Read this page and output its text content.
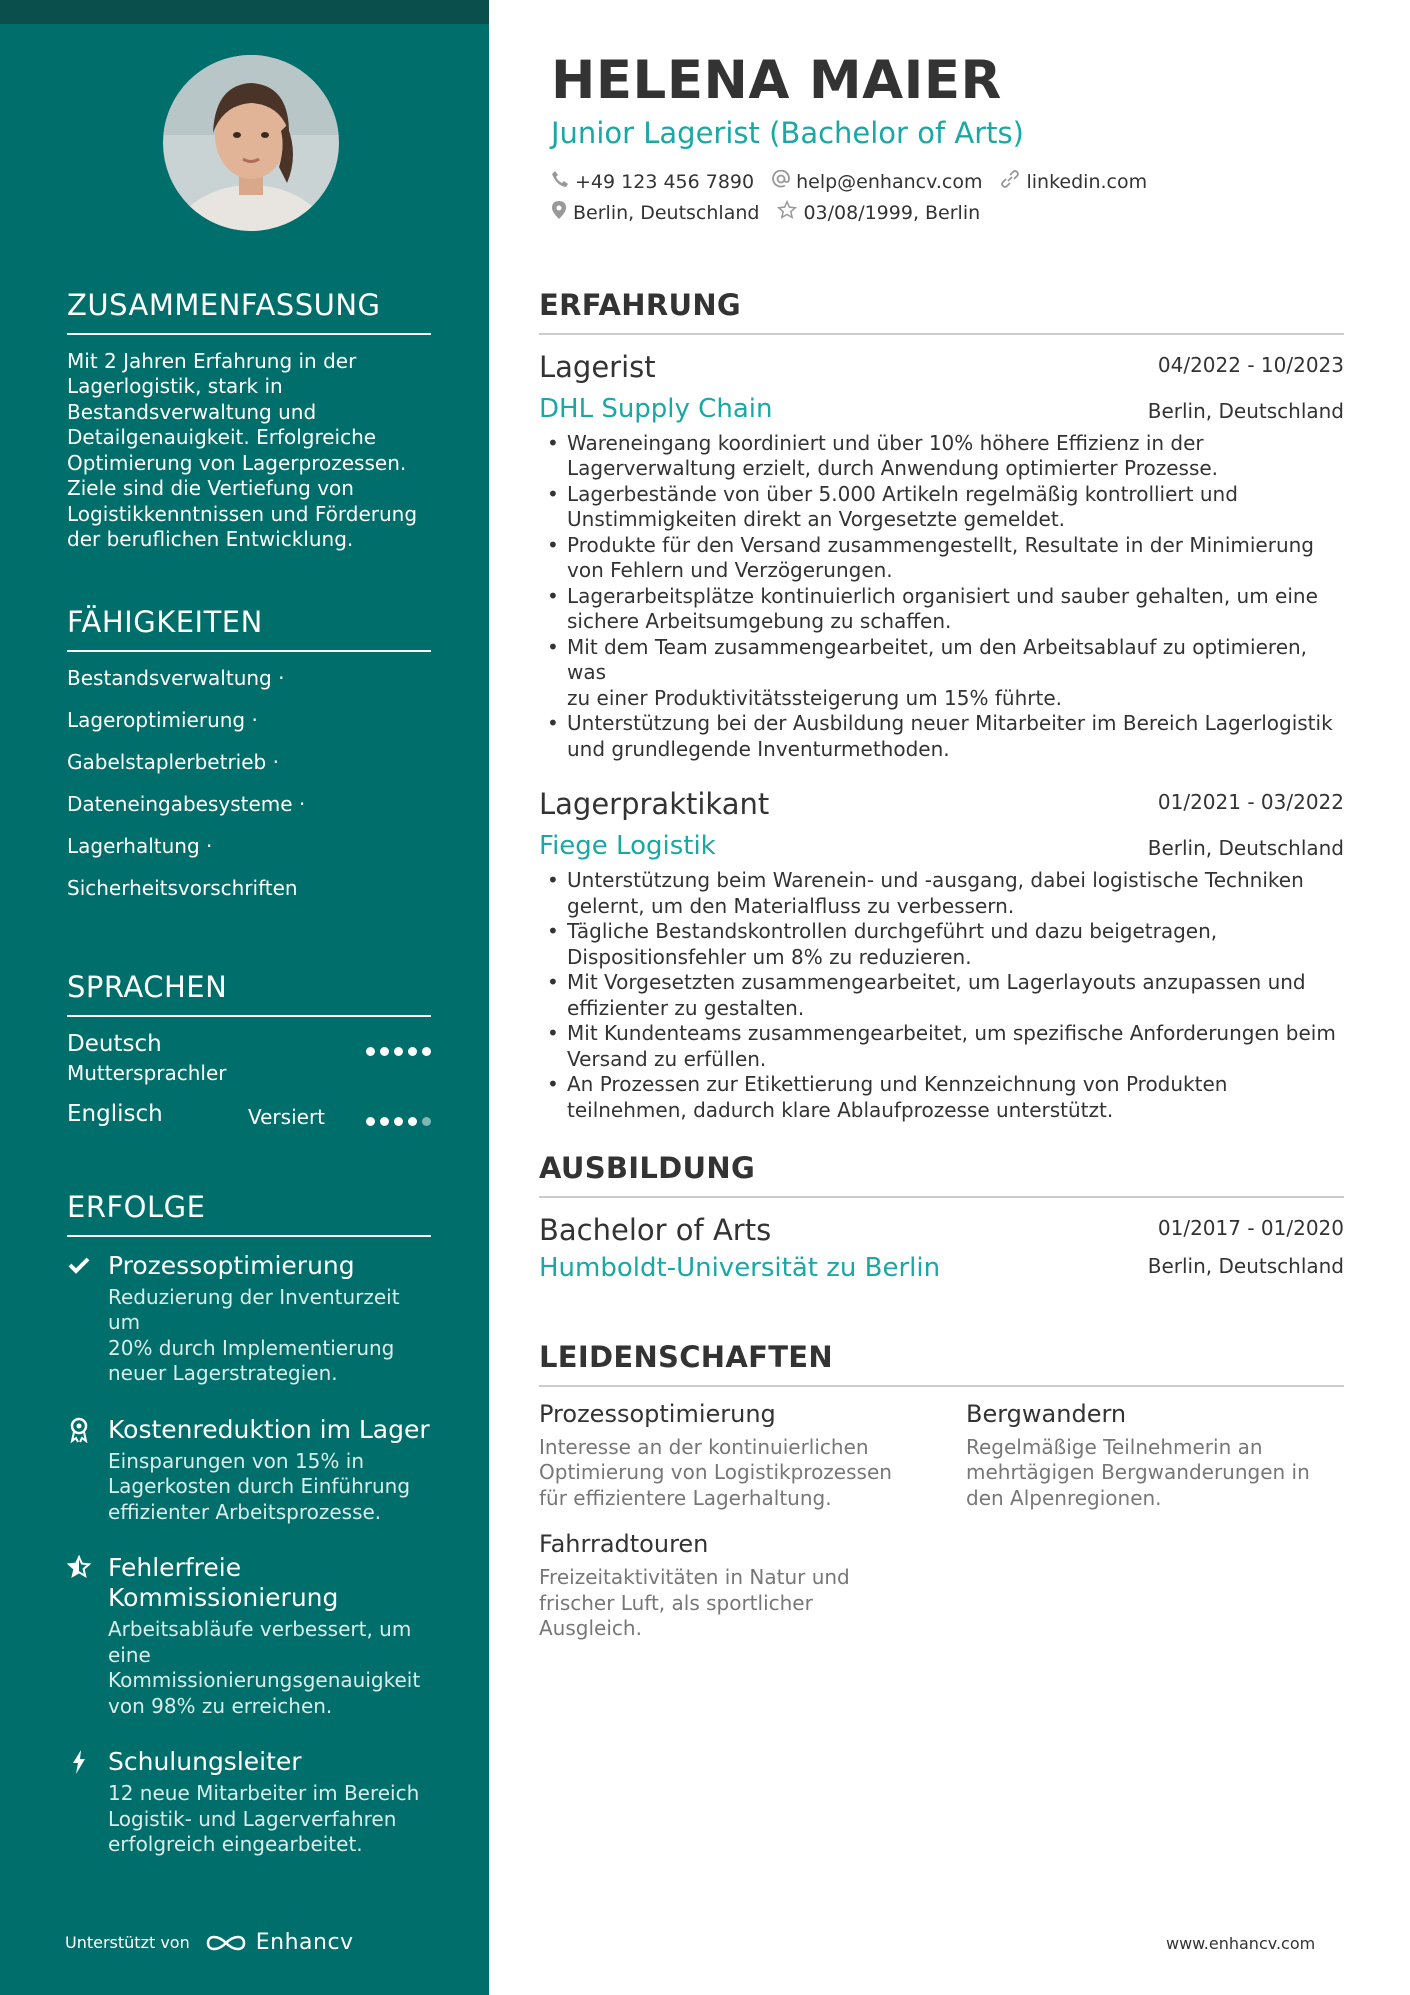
ZUSAMMENFASSUNG
Mit 2 Jahren Erfahrung in der
Lagerlogistik, stark in
Bestandsverwaltung und
Detailgenauigkeit. Erfolgreiche
Optimierung von Lagerprozessen.
Ziele sind die Vertiefung von
Logistikkenntnissen und Förderung
der beruflichen Entwicklung.
FÄHIGKEITEN
Bestandsverwaltung ·
Lageroptimierung ·
Gabelstaplerbetrieb ·
Dateneingabesysteme ·
Lagerhaltung ·
Sicherheitsvorschriften
SPRACHEN
Deutsch
Muttersprachler
Englisch	Versiert
ERFOLGE
Prozessoptimierung
Reduzierung der Inventurzeit um
20% durch Implementierung
neuer Lagerstrategien.
Kostenreduktion im Lager
Einsparungen von 15% in
Lagerkosten durch Einführung
effizienter Arbeitsprozesse.
Fehlerfreie
Kommissionierung
Arbeitsabläufe verbessert, um
eine
Kommissionierungsgenauigkeit
von 98% zu erreichen.
Schulungsleiter
12 neue Mitarbeiter im Bereich
Logistik- und Lagerverfahren
erfolgreich eingearbeitet.
Unterstützt von	Enhancv
HELENA MAIER
Junior Lagerist (Bachelor of Arts)
+49 123 456 7890 help@enhancv.com linkedin.com
Berlin, Deutschland 03/08/1999, Berlin
ERFAHRUNG
Lagerist	04/2022 - 10/2023
DHL Supply Chain	Berlin, Deutschland
• Wareneingang koordiniert und über 10% höhere Effizienz in der
Lagerverwaltung erzielt, durch Anwendung optimierter Prozesse.
• Lagerbestände von über 5.000 Artikeln regelmäßig kontrolliert und
Unstimmigkeiten direkt an Vorgesetzte gemeldet.
• Produkte für den Versand zusammengestellt, Resultate in der Minimierung
von Fehlern und Verzögerungen.
• Lagerarbeitsplätze kontinuierlich organisiert und sauber gehalten, um eine
sichere Arbeitsumgebung zu schaffen.
• Mit dem Team zusammengearbeitet, um den Arbeitsablauf zu optimieren, was
zu einer Produktivitätssteigerung um 15% führte.
• Unterstützung bei der Ausbildung neuer Mitarbeiter im Bereich Lagerlogistik
und grundlegende Inventurmethoden.
Lagerpraktikant	01/2021 - 03/2022
Fiege Logistik	Berlin, Deutschland
• Unterstützung beim Warenein- und -ausgang, dabei logistische Techniken
gelernt, um den Materialfluss zu verbessern.
• Tägliche Bestandskontrollen durchgeführt und dazu beigetragen,
Dispositionsfehler um 8% zu reduzieren.
• Mit Vorgesetzten zusammengearbeitet, um Lagerlayouts anzupassen und
effizienter zu gestalten.
• Mit Kundenteams zusammengearbeitet, um spezifische Anforderungen beim
Versand zu erfüllen.
• An Prozessen zur Etikettierung und Kennzeichnung von Produkten
teilnehmen, dadurch klare Ablaufprozesse unterstützt.
AUSBILDUNG
Bachelor of Arts	01/2017 - 01/2020
Humboldt-Universität zu Berlin	Berlin, Deutschland
LEIDENSCHAFTEN
Prozessoptimierung
Interesse an der kontinuierlichen
Optimierung von Logistikprozessen
für effizientere Lagerhaltung.
Bergwandern
Regelmäßige Teilnehmerin an
mehrtägigen Bergwanderungen in
den Alpenregionen.
Fahrradtouren
Freizeitaktivitäten in Natur und
frischer Luft, als sportlicher
Ausgleich.
www.enhancv.com
